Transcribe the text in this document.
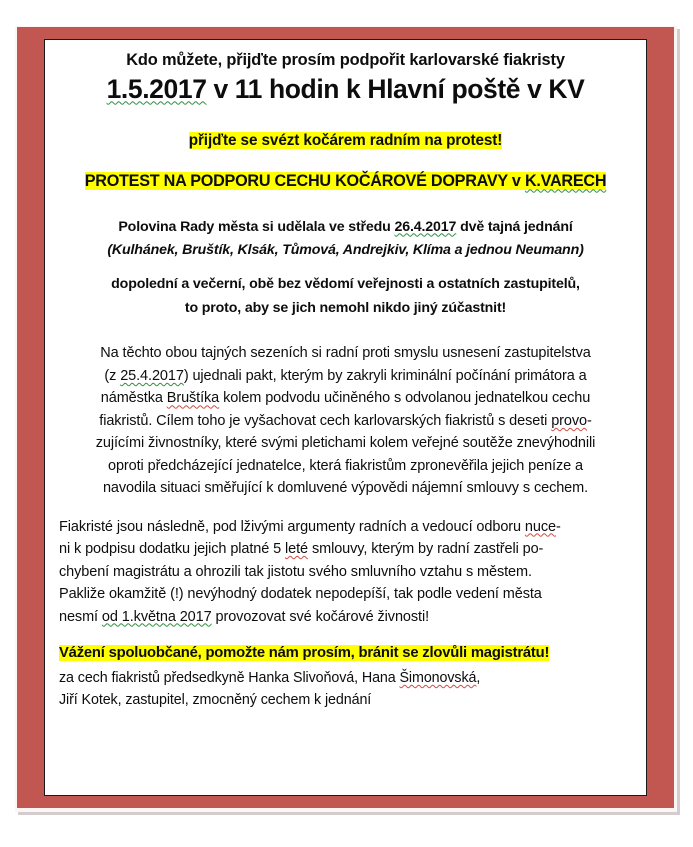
Kdo můžete, přijďte prosím podpořit karlovarské fiakristy

1.5.2017 v 11 hodin k Hlavní poště v KV

přijďte se svézt kočárem radním na protest!

PROTEST NA PODPORU CECHU KOČÁROVÉ DOPRAVY v K.VARECH

Polovina Rady města si udělala ve středu 26.4.2017 dvě tajná jednání

(Kulhánek, Bruštík, Klsák, Tůmová, Andrejkiv, Klíma a jednou Neumann)

dopolední a večerní, obě bez vědomí veřejnosti a ostatních zastupitelů,

to proto, aby se jich nemohl nikdo jiný zúčastnit!

Na těchto obou tajných sezeních si radní proti smyslu usnesení zastupitelstva

(z 25.4.2017) ujednali pakt, kterým by zakryli kriminální počínání primátora a

náměstka Bruštíka kolem podvodu učiněného s odvolanou jednatelkou cechu

fiakristů. Cílem toho je vyšachovat cech karlovarských fiakristů s deseti provo-

zujícími živnostníky, které svými pletichami kolem veřejné soutěže znevýhodnili

oproti předcházející jednatelce, která fiakristům zpronevěřila jejich peníze a

navodila situaci směřující k domluvené výpovědi nájemní smlouvy s cechem.

Fiakristé jsou následně, pod lživými argumenty radních a vedoucí odboru nuce-

ni k podpisu dodatku jejich platné 5 leté smlouvy, kterým by radní zastřeli po-

chybení magistrátu a ohrozili tak jistotu svého smluvního vztahu s městem.

Pakliže okamžitě (!) nevýhodný dodatek nepodepíší, tak podle vedení města

nesmí od 1.května 2017 provozovat své kočárové živnosti!

Vážení spoluobčané, pomožte nám prosím, bránit se zlovůli magistrátu!

za cech fiakristů předsedkyně Hanka Slivoňová, Hana Šimonovská,

Jiří Kotek, zastupitel, zmocněný cechem k jednání
